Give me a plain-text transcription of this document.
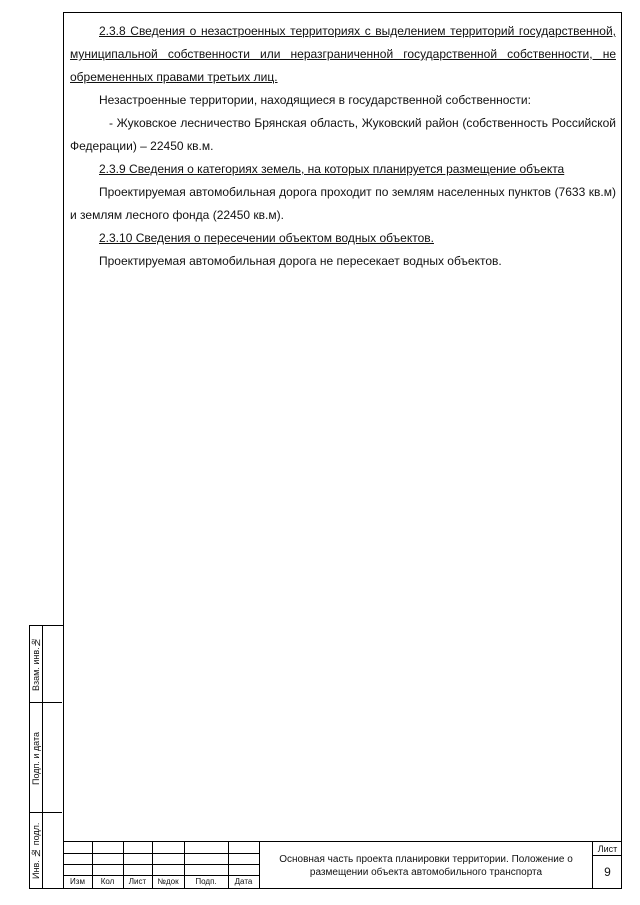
2.3.8 Сведения о незастроенных территориях с выделением территорий государственной, муниципальной собственности или неразграниченной государственной собственности, не обремененных правами третьих лиц.

Незастроенные территории, находящиеся в государственной собственности:

- Жуковское лесничество Брянская область, Жуковский район (собственность Российской Федерации) – 22450 кв.м.

2.3.9 Сведения о категориях земель, на которых планируется размещение объекта

Проектируемая автомобильная дорога проходит по землям населенных пунктов (7633 кв.м) и землям лесного фонда (22450 кв.м).

2.3.10 Сведения о пересечении объектом водных объектов.

Проектируемая автомобильная дорога не пересекает водных объектов.

Взам. инв.№
Подп. и дата
Инв. № подл.
Изм	Кол	Лист	№док	Подп.	Дата
Основная часть проекта планировки территории. Положение о размещении объекта автомобильного транспорта
Лист
9
